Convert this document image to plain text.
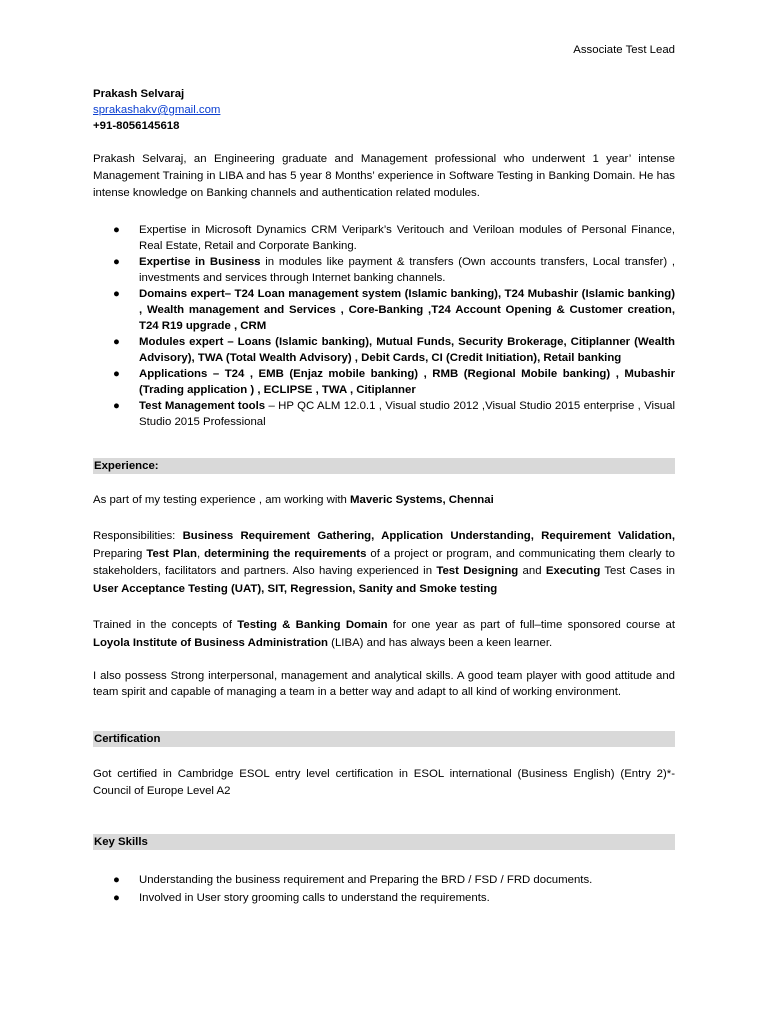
Associate Test Lead
Prakash Selvaraj
sprakashakv@gmail.com
+91-8056145618

Prakash Selvaraj, an Engineering graduate and Management professional who underwent 1 year’ intense Management Training in LIBA and has 5 year 8 Months’ experience in Software Testing in Banking Domain. He has intense knowledge on Banking channels and authentication related modules.

● Expertise in Microsoft Dynamics CRM Veripark’s Veritouch and Veriloan modules of Personal Finance, Real Estate, Retail and Corporate Banking.
● Expertise in Business in modules like payment & transfers (Own accounts transfers, Local transfer) , investments and services through Internet banking channels.
● Domains expert– T24 Loan management system (Islamic banking), T24 Mubashir (Islamic banking) , Wealth management and Services , Core-Banking ,T24 Account Opening & Customer creation, T24 R19 upgrade , CRM
● Modules expert – Loans (Islamic banking), Mutual Funds, Security Brokerage, Citiplanner (Wealth Advisory), TWA (Total Wealth Advisory) , Debit Cards, CI (Credit Initiation), Retail banking
● Applications – T24 , EMB (Enjaz mobile banking) , RMB (Regional Mobile banking) , Mubashir (Trading application ) , ECLIPSE , TWA , Citiplanner
● Test Management tools – HP QC ALM 12.0.1 , Visual studio 2012 ,Visual Studio 2015 enterprise , Visual Studio 2015 Professional
Experience:

As part of my testing experience , am working with Maveric Systems, Chennai

Responsibilities: Business Requirement Gathering, Application Understanding, Requirement Validation, Preparing Test Plan, determining the requirements of a project or program, and communicating them clearly to stakeholders, facilitators and partners. Also having experienced in Test Designing and Executing Test Cases in User Acceptance Testing (UAT), SIT, Regression, Sanity and Smoke testing

Trained in the concepts of Testing & Banking Domain for one year as part of full–time sponsored course at Loyola Institute of Business Administration (LIBA) and has always been a keen learner.

I also possess Strong interpersonal, management and analytical skills. A good team player with good attitude and team spirit and capable of managing a team in a better way and adapt to all kind of working environment.

Certification

Got certified in Cambridge ESOL entry level certification in ESOL international (Business English) (Entry 2)*-Council of Europe Level A2

Key Skills
● Understanding the business requirement and Preparing the BRD / FSD / FRD documents.
● Involved in User story grooming calls to understand the requirements.
